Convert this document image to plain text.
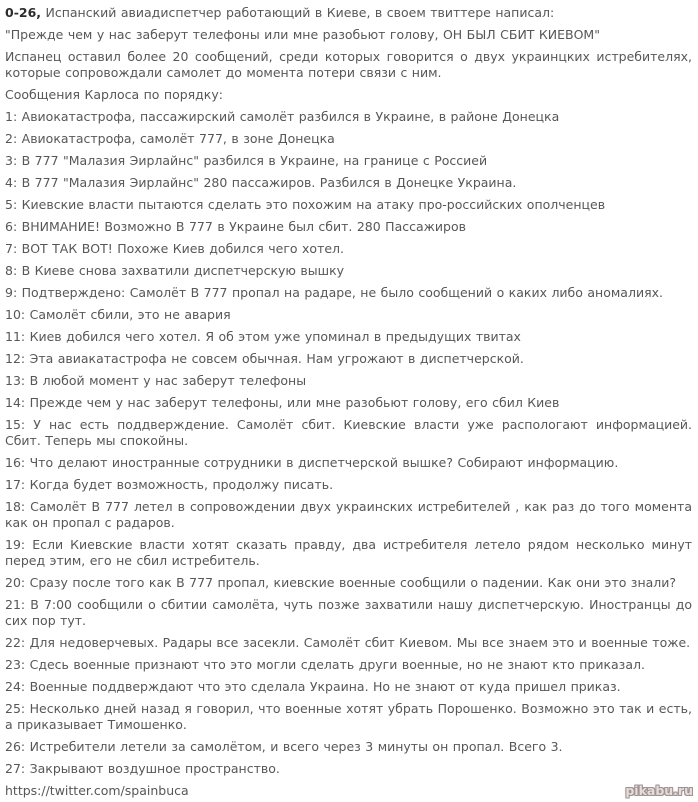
0-26, Испанский авиадиспетчер работающий в Киеве, в своем твиттере написал:

"Прежде чем у нас заберут телефоны или мне разобьют голову, ОН БЫЛ СБИТ КИЕВОМ"

Испанец оставил более 20 сообщений, среди которых говорится о двух украинцких истребителях, которые сопровождали самолет до момента потери связи с ним.

Сообщения Карлоса по порядку:

1: Авиокатастрофа, пассажирский самолёт разбился в Украине, в районе Донецка

2: Авиокатастрофа, самолёт 777, в зоне Донецка

3: В 777 "Малазия Эирлайнс" разбился в Украине, на границе с Россией

4: В 777 "Малазия Эирлайнс" 280 пассажиров. Разбился в Донецке Украина.

5: Киевские власти пытаются сделать это похожим на атаку про-российских ополченцев

6: ВНИМАНИЕ! Возможно В 777 в Украине был сбит. 280 Пассажиров

7: ВОТ ТАК ВОТ! Похоже Киев добился чего хотел.

8: В Киеве снова захватили диспетчерскую вышку

9: Подтверждено: Самолёт В 777 пропал на радаре, не было сообщений о каких либо аномалиях.

10: Самолёт сбили, это не авария

11: Киев добился чего хотел. Я об этом уже упоминал в предыдущих твитах

12: Эта авиакатастрофа не совсем обычная. Нам угрожают в диспетчерской.

13: В любой момент у нас заберут телефоны

14: Прежде чем у нас заберут телефоны, или мне разобьют голову, его сбил Киев

15: У нас есть поддверждение. Самолёт сбит. Киевские власти уже распологают информацией. Сбит. Теперь мы спокойны.

16: Что делают иностранные сотрудники в диспетчерской вышке? Собирают информацию.

17: Когда будет возможность, продолжу писать.

18: Самолёт В 777 летел в сопровождении двух украинских истребителей , как раз до того момента как он пропал с радаров.

19: Если Киевские власти хотят сказать правду, два истребителя летело рядом несколько минут перед этим, его не сбил истребитель.

20: Сразу после того как В 777 пропал, киевские военные сообщили о падении. Как они это знали?

21: В 7:00 сообщили о сбитии самолёта, чуть позже захватили нашу диспетчерскую. Иностранцы до сих пор тут.

22: Для недоверчевых. Радары все засекли. Самолёт сбит Киевом. Мы все знаем это и военные тоже.

23: Сдесь военные признают что это могли сделать други военные, но не знают кто приказал.

24: Военные поддверждают что это сделала Украина. Но не знают от куда пришел приказ.

25: Несколько дней назад я говорил, что военные хотят убрать Порошенко. Возможно это так и есть, а приказывает Тимошенко.

26: Истребители летели за самолётом, и всего через 3 минуты он пропал. Всего 3.

27: Закрывают воздушное пространство.

https://twitter.com/spainbuca	pikabu.ru
